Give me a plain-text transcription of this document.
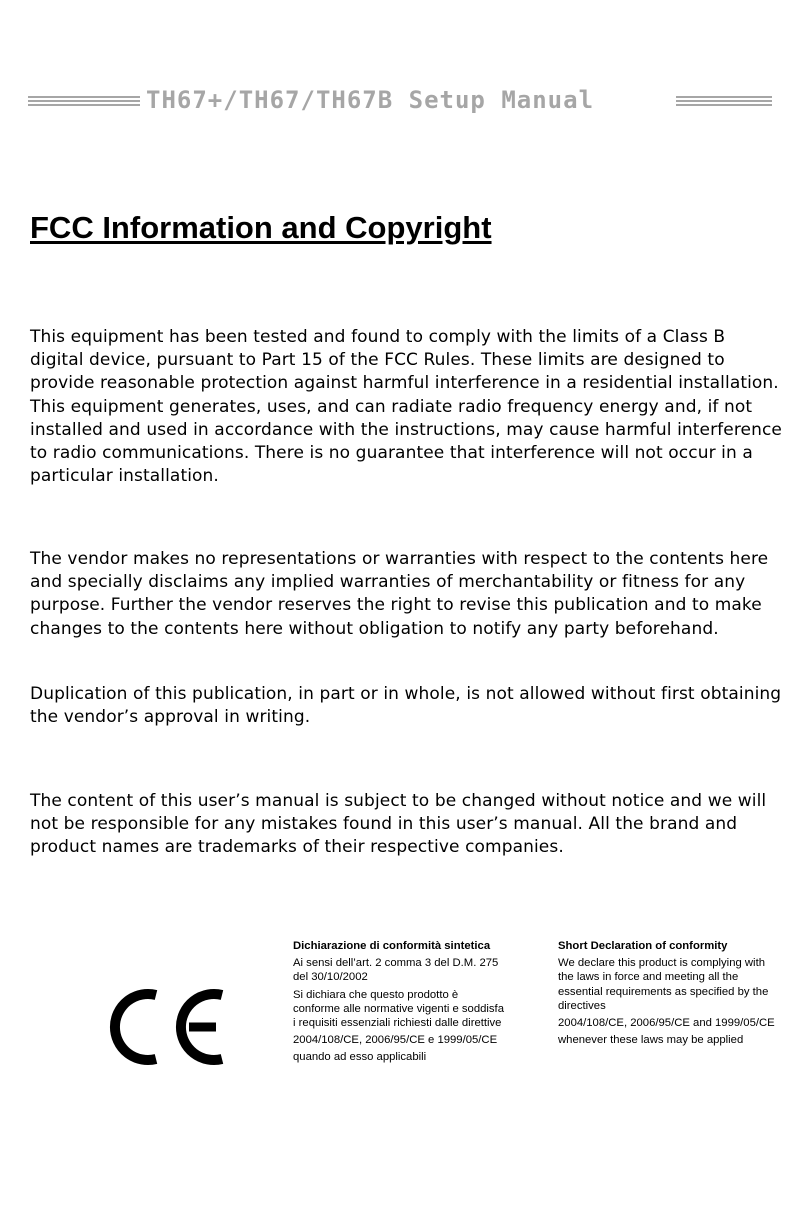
TH67+/TH67/TH67B Setup Manual
FCC Information and Copyright

This equipment has been tested and found to comply with the limits of a Class B digital device, pursuant to Part 15 of the FCC Rules. These limits are designed to provide reasonable protection against harmful interference in a residential installation. This equipment generates, uses, and can radiate radio frequency energy and, if not installed and used in accordance with the instructions, may cause harmful interference to radio communications. There is no guarantee that interference will not occur in a particular installation.

The vendor makes no representations or warranties with respect to the contents here and specially disclaims any implied warranties of merchantability or fitness for any purpose. Further the vendor reserves the right to revise this publication and to make changes to the contents here without obligation to notify any party beforehand.

Duplication of this publication, in part or in whole, is not allowed without first obtaining the vendor’s approval in writing.

The content of this user’s manual is subject to be changed without notice and we will not be responsible for any mistakes found in this user’s manual. All the brand and product names are trademarks of their respective companies.

Dichiarazione di conformità sintetica

Ai sensi dell’art. 2 comma 3 del D.M. 275 del 30/10/2002

Si dichiara che questo prodotto è conforme alle normative vigenti e soddisfa i requisiti essenziali richiesti dalle direttive

2004/108/CE, 2006/95/CE e 1999/05/CE

quando ad esso applicabili

Short Declaration of conformity

We declare this product is complying with the laws in force and meeting all the essential requirements as specified by the directives

2004/108/CE, 2006/95/CE and 1999/05/CE

whenever these laws may be applied
